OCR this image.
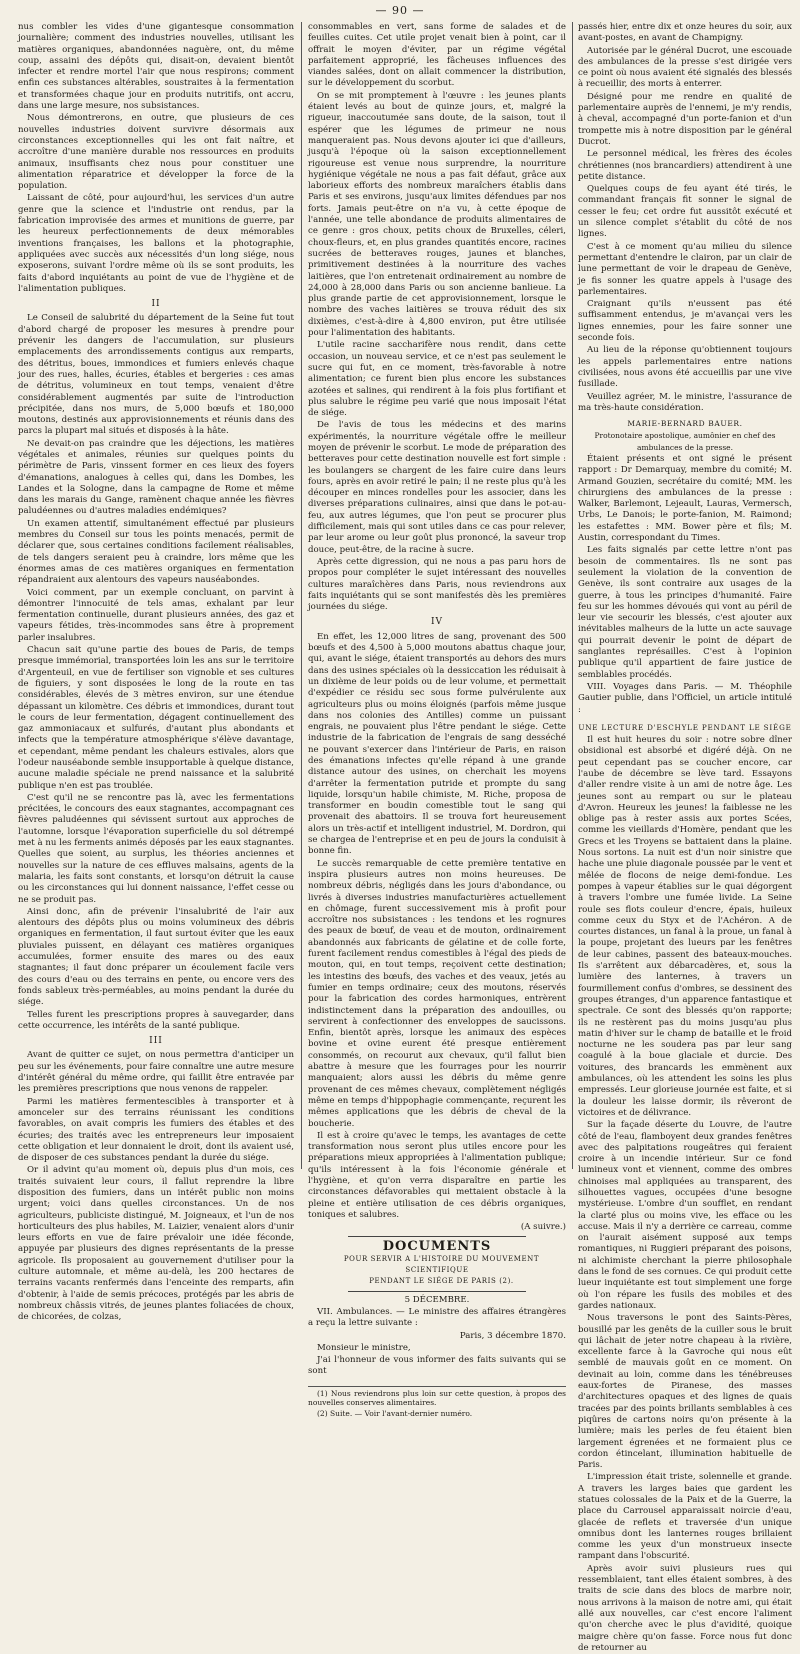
— 90 —

nus combler les vides d'une gigantesque consommation journalière; comment des industries nouvelles, utilisant les matières organiques, abandonnées naguère, ont, du même coup, assaini des dépôts qui, disait-on, devaient bientôt infecter et rendre mortel l'air que nous respirons; comment enfin ces substances altérables, soustraites à la fermentation et transformées chaque jour en produits nutritifs, ont accru, dans une large mesure, nos subsistances.

Nous démontrerons, en outre, que plusieurs de ces nouvelles industries doivent survivre désormais aux circonstances exceptionnelles qui les ont fait naître, et accroître d'une manière durable nos ressources en produits animaux, insuffisants chez nous pour constituer une alimentation réparatrice et développer la force de la population.

Laissant de côté, pour aujourd'hui, les services d'un autre genre que la science et l'industrie ont rendus, par la fabrication improvisée des armes et munitions de guerre, par les heureux perfectionnements de deux mémorables inventions françaises, les ballons et la photographie, appliquées avec succès aux nécessités d'un long siége, nous exposerons, suivant l'ordre même où ils se sont produits, les faits d'abord inquiétants au point de vue de l'hygiène et de l'alimentation publiques.

II

Le Conseil de salubrité du département de la Seine fut tout d'abord chargé de proposer les mesures à prendre pour prévenir les dangers de l'accumulation, sur plusieurs emplacements des arrondissements contigus aux remparts, des détritus, boues, immondices et fumiers enlevés chaque jour des rues, halles, écuries, étables et bergeries : ces amas de détritus, volumineux en tout temps, venaient d'être considérablement augmentés par suite de l'introduction précipitée, dans nos murs, de 5,000 bœufs et 180,000 moutons, destinés aux approvisionnements et réunis dans des parcs la plupart mal situés et disposés à la hâte.

Ne devait-on pas craindre que les déjections, les matières végétales et animales, réunies sur quelques points du périmètre de Paris, vinssent former en ces lieux des foyers d'émanations, analogues à celles qui, dans les Dombes, les Landes et la Sologne, dans la campagne de Rome et même dans les marais du Gange, ramènent chaque année les fièvres paludéennes ou d'autres maladies endémiques?

Un examen attentif, simultanément effectué par plusieurs membres du Conseil sur tous les points menacés, permit de déclarer que, sous certaines conditions facilement réalisables, de tels dangers seraient peu à craindre, lors même que les énormes amas de ces matières organiques en fermentation répandraient aux alentours des vapeurs nauséabondes.

Voici comment, par un exemple concluant, on parvint à démontrer l'innocuité de tels amas, exhalant par leur fermentation continuelle, durant plusieurs années, des gaz et vapeurs fétides, très-incommodes sans être à proprement parler insalubres.

Chacun sait qu'une partie des boues de Paris, de temps presque immémorial, transportées loin les ans sur le territoire d'Argenteuil, en vue de fertiliser son vignoble et ses cultures de figuiers, y sont disposées le long de la route en tas considérables, élevés de 3 mètres environ, sur une étendue dépassant un kilomètre. Ces débris et immondices, durant tout le cours de leur fermentation, dégagent continuellement des gaz ammoniacaux et sulfurés, d'autant plus abondants et infects que la température atmosphérique s'élève davantage, et cependant, même pendant les chaleurs estivales, alors que l'odeur nauséabonde semble insupportable à quelque distance, aucune maladie spéciale ne prend naissance et la salubrité publique n'en est pas troublée.

C'est qu'il ne se rencontre pas là, avec les fermentations précitées, le concours des eaux stagnantes, accompagnant ces fièvres paludéennes qui sévissent surtout aux approches de l'automne, lorsque l'évaporation superficielle du sol détrempé met à nu les ferments animés déposés par les eaux stagnantes. Quelles que soient, au surplus, les théories anciennes et nouvelles sur la nature de ces effluves malsains, agents de la malaria, les faits sont constants, et lorsqu'on détruit la cause ou les circonstances qui lui donnent naissance, l'effet cesse ou ne se produit pas.

Ainsi donc, afin de prévenir l'insalubrité de l'air aux alentours des dépôts plus ou moins volumineux des débris organiques en fermentation, il faut surtout éviter que les eaux pluviales puissent, en délayant ces matières organiques accumulées, former ensuite des mares ou des eaux stagnantes; il faut donc préparer un écoulement facile vers des cours d'eau ou des terrains en pente, ou encore vers des fonds sableux très-perméables, au moins pendant la durée du siége.

Telles furent les prescriptions propres à sauvegarder, dans cette occurrence, les intérêts de la santé publique.

III

Avant de quitter ce sujet, on nous permettra d'anticiper un peu sur les événements, pour faire connaître une autre mesure d'intérêt général du même ordre, qui faillit être entravée par les premières prescriptions que nous venons de rappeler.

Parmi les matières fermentescibles à transporter et à amonceler sur des terrains réunissant les conditions favorables, on avait compris les fumiers des étables et des écuries; des traités avec les entrepreneurs leur imposaient cette obligation et leur donnaient le droit, dont ils avaient usé, de disposer de ces substances pendant la durée du siége.

Or il advint qu'au moment où, depuis plus d'un mois, ces traités suivaient leur cours, il fallut reprendre la libre disposition des fumiers, dans un intérêt public non moins urgent; voici dans quelles circonstances. Un de nos agriculteurs, publiciste distingué, M. Joigneaux, et l'un de nos horticulteurs des plus habiles, M. Laizier, venaient alors d'unir leurs efforts en vue de faire prévaloir une idée féconde, appuyée par plusieurs des dignes représentants de la presse agricole. Ils proposaient au gouvernement d'utiliser pour la culture automnale, et même au-delà, les 200 hectares de terrains vacants renfermés dans l'enceinte des remparts, afin d'obtenir, à l'aide de semis précoces, protégés par les abris de nombreux châssis vitrés, de jeunes plantes foliacées de choux, de chicorées, de colzas,

consommables en vert, sans forme de salades et de feuilles cuites. Cet utile projet venait bien à point, car il offrait le moyen d'éviter, par un régime végétal parfaitement approprié, les fâcheuses influences des viandes salées, dont on allait commencer la distribution, sur le développement du scorbut.

On se mit promptement à l'œuvre : les jeunes plants étaient levés au bout de quinze jours, et, malgré la rigueur, inaccoutumée sans doute, de la saison, tout il espérer que les légumes de primeur ne nous manqueraient pas. Nous devons ajouter ici que d'ailleurs, jusqu'à l'époque où la saison exceptionnellement rigoureuse est venue nous surprendre, la nourriture hygiénique végétale ne nous a pas fait défaut, grâce aux laborieux efforts des nombreux maraîchers établis dans Paris et ses environs, jusqu'aux limites défendues par nos forts. Jamais peut-être on n'a vu, à cette époque de l'année, une telle abondance de produits alimentaires de ce genre : gros choux, petits choux de Bruxelles, céleri, choux-fleurs, et, en plus grandes quantités encore, racines sucrées de betteraves rouges, jaunes et blanches, primitivement destinées à la nourriture des vaches laitières, que l'on entretenait ordinairement au nombre de 24,000 à 28,000 dans Paris ou son ancienne banlieue. La plus grande partie de cet approvisionnement, lorsque le nombre des vaches laitières se trouva réduit des six dixièmes, c'est-à-dire à 4,800 environ, put être utilisée pour l'alimentation des habitants.

L'utile racine saccharifère nous rendit, dans cette occasion, un nouveau service, et ce n'est pas seulement le sucre qui fut, en ce moment, très-favorable à notre alimentation; ce furent bien plus encore les substances azotées et salines, qui rendirent à la fois plus fortifiant et plus salubre le régime peu varié que nous imposait l'état de siége.

De l'avis de tous les médecins et des marins expérimentés, la nourriture végétale offre le meilleur moyen de prévenir le scorbut. Le mode de préparation des betteraves pour cette destination nouvelle est fort simple : les boulangers se chargent de les faire cuire dans leurs fours, après en avoir retiré le pain; il ne reste plus qu'à les découper en minces rondelles pour les associer, dans les diverses préparations culinaires, ainsi que dans le pot-au-feu, aux autres légumes, que l'on peut se procurer plus difficilement, mais qui sont utiles dans ce cas pour relever, par leur arome ou leur goût plus prononcé, la saveur trop douce, peut-être, de la racine à sucre.

Après cette digression, qui ne nous a pas paru hors de propos pour compléter le sujet intéressant des nouvelles cultures maraîchères dans Paris, nous reviendrons aux faits inquiétants qui se sont manifestés dès les premières journées du siége.

IV

En effet, les 12,000 litres de sang, provenant des 500 bœufs et des 4,500 à 5,000 moutons abattus chaque jour, qui, avant le siége, étaient transportés au dehors des murs dans des usines spéciales où la dessiccation les réduisait à un dixième de leur poids ou de leur volume, et permettait d'expédier ce résidu sec sous forme pulvérulente aux agriculteurs plus ou moins éloignés (parfois même jusque dans nos colonies des Antilles) comme un puissant engrais, ne pouvaient plus l'être pendant le siége. Cette industrie de la fabrication de l'engrais de sang desséché ne pouvant s'exercer dans l'intérieur de Paris, en raison des émanations infectes qu'elle répand à une grande distance autour des usines, on cherchait les moyens d'arrêter la fermentation putride et prompte du sang liquide, lorsqu'un habile chimiste, M. Riche, proposa de transformer en boudin comestible tout le sang qui provenait des abattoirs. Il se trouva fort heureusement alors un très-actif et intelligent industriel, M. Dordron, qui se chargea de l'entreprise et en peu de jours la conduisit à bonne fin.

Le succès remarquable de cette première tentative en inspira plusieurs autres non moins heureuses. De nombreux débris, négligés dans les jours d'abondance, ou livrés à diverses industries manufacturières actuellement en chômage, furent successivement mis à profit pour accroître nos subsistances : les tendons et les rognures des peaux de bœuf, de veau et de mouton, ordinairement abandonnés aux fabricants de gélatine et de colle forte, furent facilement rendus comestibles à l'égal des pieds de mouton, qui, en tout temps, reçoivent cette destination; les intestins des bœufs, des vaches et des veaux, jetés au fumier en temps ordinaire; ceux des moutons, réservés pour la fabrication des cordes harmoniques, entrèrent indistinctement dans la préparation des andouilles, ou servirent à confectionner des enveloppes de saucissons. Enfin, bientôt après, lorsque les animaux des espèces bovine et ovine eurent été presque entièrement consommés, on recourut aux chevaux, qu'il fallut bien abattre à mesure que les fourrages pour les nourrir manquaient; alors aussi les débris du même genre provenant de ces mêmes chevaux, complètement négligés même en temps d'hippophagie commençante, reçurent les mêmes applications que les débris de cheval de la boucherie.

Il est à croire qu'avec le temps, les avantages de cette transformation nous seront plus utiles encore pour les préparations mieux appropriées à l'alimentation publique; qu'ils intéressent à la fois l'économie générale et l'hygiène, et qu'on verra disparaître en partie les circonstances défavorables qui mettaient obstacle à la pleine et entière utilisation de ces débris organiques, toniques et salubres.

(A suivre.)

DOCUMENTS

POUR SERVIR A L'HISTOIRE DU MOUVEMENT SCIENTIFIQUE

PENDANT LE SIÉGE DE PARIS (2).

5 DÉCEMBRE.

VII. Ambulances. — Le ministre des affaires étrangères a reçu la lettre suivante :

Paris, 3 décembre 1870.

Monsieur le ministre,

J'ai l'honneur de vous informer des faits suivants qui se sont

(1) Nous reviendrons plus loin sur cette question, à propos des nouvelles conserves alimentaires.

(2) Suite. — Voir l'avant-dernier numéro.

passés hier, entre dix et onze heures du soir, aux avant-postes, en avant de Champigny.

Autorisée par le général Ducrot, une escouade des ambulances de la presse s'est dirigée vers ce point où nous avaient été signalés des blessés à recueillir, des morts à enterrer.

Désigné pour me rendre en qualité de parlementaire auprès de l'ennemi, je m'y rendis, à cheval, accompagné d'un porte-fanion et d'un trompette mis à notre disposition par le général Ducrot.

Le personnel médical, les frères des écoles chrétiennes (nos brancardiers) attendirent à une petite distance.

Quelques coups de feu ayant été tirés, le commandant français fit sonner le signal de cesser le feu; cet ordre fut aussitôt exécuté et un silence complet s'établit du côté de nos lignes.

C'est à ce moment qu'au milieu du silence permettant d'entendre le clairon, par un clair de lune permettant de voir le drapeau de Genève, je fis sonner les quatre appels à l'usage des parlementaires.

Craignant qu'ils n'eussent pas été suffisamment entendus, je m'avançai vers les lignes ennemies, pour les faire sonner une seconde fois.

Au lieu de la réponse qu'obtiennent toujours les appels parlementaires entre nations civilisées, nous avons été accueillis par une vive fusillade.

Veuillez agréer, M. le ministre, l'assurance de ma très-haute considération.

MARIE-BERNARD BAUER.

Protonotaire apostolique, aumônier en chef des ambulances de la presse.

Étaient présents et ont signé le présent rapport : Dr Demarquay, membre du comité; M. Armand Gouzien, secrétaire du comité; MM. les chirurgiens des ambulances de la presse : Walker, Barlemont, Lejeault, Lauras, Vermersch, Urbs, Le Danois; le porte-fanion, M. Raimond; les estafettes : MM. Bower père et fils; M. Austin, correspondant du Times.

Les faits signalés par cette lettre n'ont pas besoin de commentaires. Ils ne sont pas seulement la violation de la convention de Genève, ils sont contraire aux usages de la guerre, à tous les principes d'humanité. Faire feu sur les hommes dévoués qui vont au péril de leur vie secourir les blessés, c'est ajouter aux inévitables malheurs de la lutte un acte sauvage qui pourrait devenir le point de départ de sanglantes représailles. C'est à l'opinion publique qu'il appartient de faire justice de semblables procédés.

VIII. Voyages dans Paris. — M. Théophile Gautier publie, dans l'Officiel, un article intitulé :

UNE LECTURE D'ESCHYLE PENDANT LE SIÉGE

Il est huit heures du soir : notre sobre dîner obsidional est absorbé et digéré déjà. On ne peut cependant pas se coucher encore, car l'aube de décembre se lève tard. Essayons d'aller rendre visite à un ami de notre âge. Les jeunes sont au rempart ou sur le plateau d'Avron. Heureux les jeunes! la faiblesse ne les oblige pas à rester assis aux portes Scées, comme les vieillards d'Homère, pendant que les Grecs et les Troyens se battaient dans la plaine. Nous sortons. La nuit est d'un noir sinistre que hache une pluie diagonale poussée par le vent et mêlée de flocons de neige demi-fondue. Les pompes à vapeur établies sur le quai dégorgent à travers l'ombre une fumée livide. La Seine roule ses flots couleur d'encre, épais, huileux comme ceux du Styx et de l'Achéron. A de courtes distances, un fanal à la proue, un fanal à la poupe, projetant des lueurs par les fenêtres de leur cabines, passent des bateaux-mouches. Ils s'arrêtent aux débarcadères, et, sous la lumière des lanternes, à travers un fourmillement confus d'ombres, se dessinent des groupes étranges, d'un apparence fantastique et spectrale. Ce sont des blessés qu'on rapporte; ils ne restèrent pas du moins jusqu'au plus matin d'hiver sur le champ de bataille et le froid nocturne ne les soudera pas par leur sang coagulé à la boue glaciale et durcie. Des voitures, des brancards les emmènent aux ambulances, où les attendent les soins les plus empressés. Leur glorieuse journée est faite, et si la douleur les laisse dormir, ils rêveront de victoires et de délivrance.

Sur la façade déserte du Louvre, de l'autre côté de l'eau, flamboyent deux grandes fenêtres avec des palpitations rougeâtres qui feraient croire à un incendie intérieur. Sur ce fond lumineux vont et viennent, comme des ombres chinoises mal appliquées au transparent, des silhouettes vagues, occupées d'une besogne mystérieuse. L'ombre d'un soufflet, en rendant la clarté plus ou moins vive, les efface ou les accuse. Mais il n'y a derrière ce carreau, comme on l'aurait aisément supposé aux temps romantiques, ni Ruggieri préparant des poisons, ni alchimiste cherchant la pierre philosophale dans le fond de ses cornues. Ce qui produit cette lueur inquiétante est tout simplement une forge où l'on répare les fusils des mobiles et des gardes nationaux.

Nous traversons le pont des Saints-Pères, bousillé par les genêts de la cuiller sous le bruit qui lâchait de jeter notre chapeau à la rivière, excellente farce à la Gavroche qui nous eût semblé de mauvais goût en ce moment. On devinait au loin, comme dans les ténébreuses eaux-fortes de Piranese, des masses d'architectures opaques et des lignes de quais tracées par des points brillants semblables à ces piqûres de cartons noirs qu'on présente à la lumière; mais les perles de feu étaient bien largement égrenées et ne formaient plus ce cordon étincelant, illumination habituelle de Paris.

L'impression était triste, solennelle et grande. A travers les larges baies que gardent les statues colossales de la Paix et de la Guerre, la place du Carrousel apparaissait noircie d'eau, glacée de reflets et traversée d'un unique omnibus dont les lanternes rouges brillaient comme les yeux d'un monstrueux insecte rampant dans l'obscurité.

Après avoir suivi plusieurs rues qui ressemblaient, tant elles étaient sombres, à des traits de scie dans des blocs de marbre noir, nous arrivons à la maison de notre ami, qui était allé aux nouvelles, car c'est encore l'aliment qu'on cherche avec le plus d'avidité, quoique maigre chère qu'on fasse. Force nous fut donc de retourner au
